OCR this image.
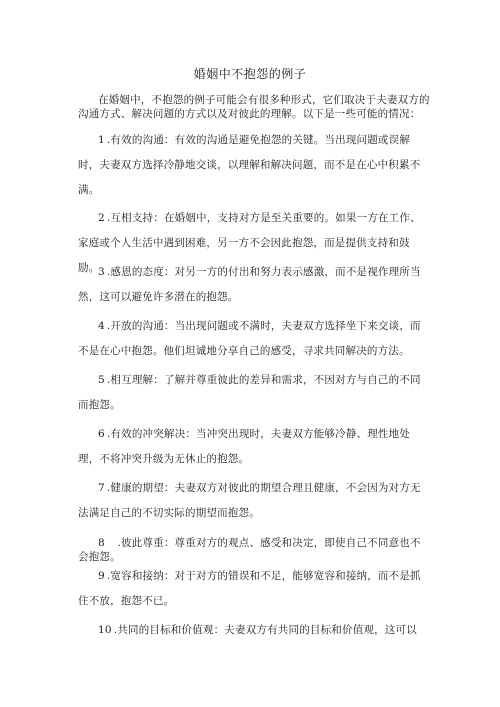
婚姻中不抱怨的例子
在婚姻中，不抱怨的例子可能会有很多种形式，它们取决于夫妻双方的沟通方式、解决问题的方式以及对彼此的理解。以下是一些可能的情况：
1 .有效的沟通：有效的沟通是避免抱怨的关键。当出现问题或误解时，夫妻双方选择冷静地交谈，以理解和解决问题，而不是在心中积累不满。
2 .互相支持：在婚姻中，支持对方是至关重要的。如果一方在工作、家庭或个人生活中遇到困难，另一方不会因此抱怨，而是提供支持和鼓励。
3 .感恩的态度：对另一方的付出和努力表示感激，而不是视作理所当然，这可以避免许多潜在的抱怨。
4 .开放的沟通：当出现问题或不满时，夫妻双方选择坐下来交谈，而不是在心中抱怨。他们坦诚地分享自己的感受，寻求共同解决的方法。
5 .相互理解：了解并尊重彼此的差异和需求，不因对方与自己的不同而抱怨。
6 .有效的冲突解决：当冲突出现时，夫妻双方能够冷静、理性地处理，不将冲突升级为无休止的抱怨。
7 .健康的期望：夫妻双方对彼此的期望合理且健康，不会因为对方无法满足自己的不切实际的期望而抱怨。
8   .彼此尊重：尊重对方的观点、感受和决定，即使自己不同意也不会抱怨。
9 .宽容和接纳：对于对方的错误和不足，能够宽容和接纳，而不是抓住不放，抱怨不已。
10 .共同的目标和价值观：夫妻双方有共同的目标和价值观，这可以
